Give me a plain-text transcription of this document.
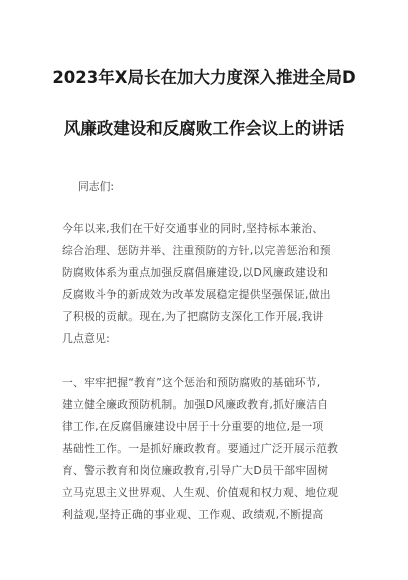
2023年X局长在加大力度深入推进全局D
风廉政建设和反腐败工作会议上的讲话
同志们:
今年以来,我们在干好交通事业的同时,坚持标本兼治、
综合治理、惩防并举、注重预防的方针,以完善惩治和预
防腐败体系为重点加强反腐倡廉建设,以D风廉政建设和
反腐败斗争的新成效为改革发展稳定提供坚强保证,做出
了积极的贡献。现在,为了把腐防支深化工作开展,我讲
几点意见:
一、牢牢把握“教育”这个惩治和预防腐败的基础环节,
建立健全廉政预防机制。加强D风廉政教育,抓好廉洁自
律工作,在反腐倡廉建设中居于十分重要的地位,是一项
基础性工作。一是抓好廉政教育。要通过广泛开展示范教
育、警示教育和岗位廉政教育,引导广大D员干部牢固树
立马克思主义世界观、人生观、价值观和权力观、地位观
利益观,坚持正确的事业观、工作观、政绩观,不断提高
